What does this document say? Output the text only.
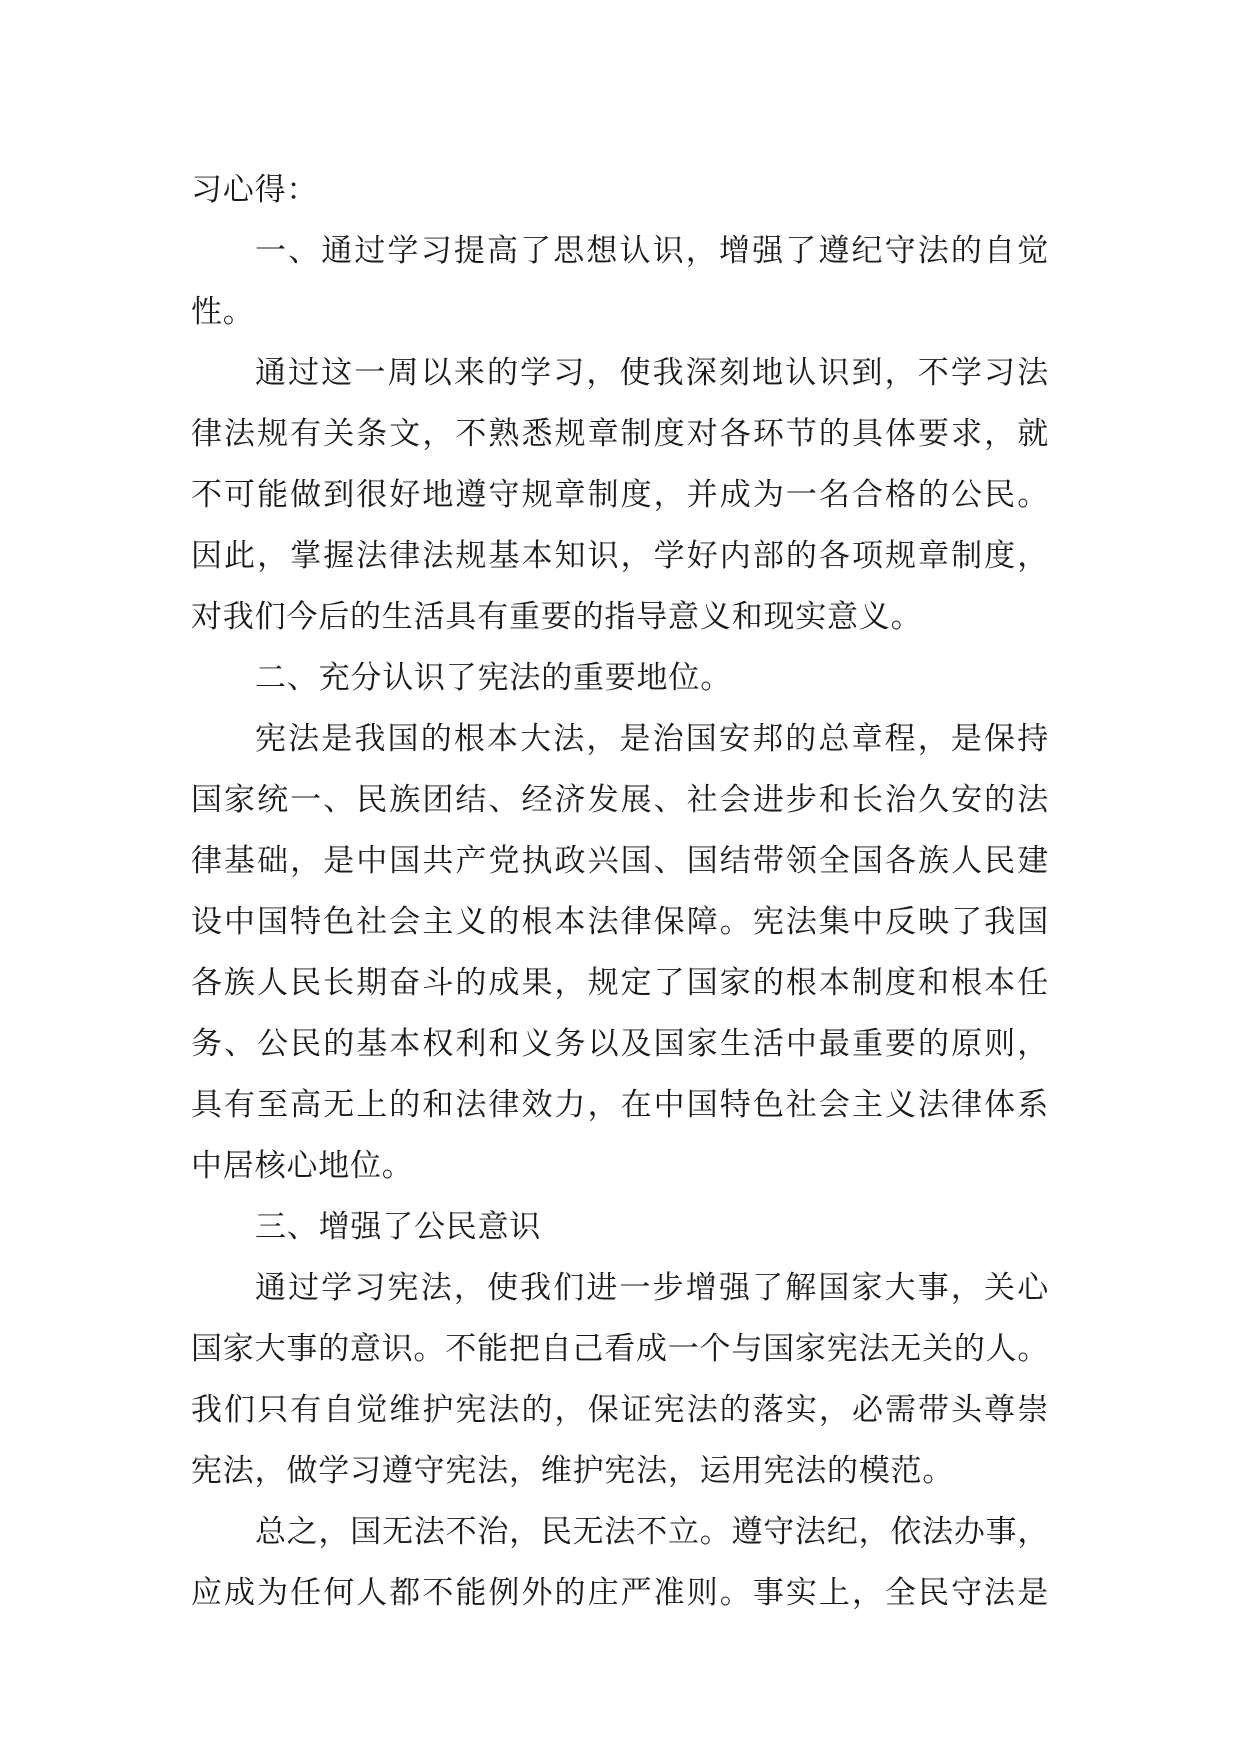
习心得：
一、通过学习提高了思想认识，增强了遵纪守法的自觉
性。
通过这一周以来的学习，使我深刻地认识到，不学习法
律法规有关条文，不熟悉规章制度对各环节的具体要求，就
不可能做到很好地遵守规章制度，并成为一名合格的公民。
因此，掌握法律法规基本知识，学好内部的各项规章制度，
对我们今后的生活具有重要的指导意义和现实意义。
二、充分认识了宪法的重要地位。
宪法是我国的根本大法，是治国安邦的总章程，是保持
国家统一、民族团结、经济发展、社会进步和长治久安的法
律基础，是中国共产党执政兴国、国结带领全国各族人民建
设中国特色社会主义的根本法律保障。宪法集中反映了我国
各族人民长期奋斗的成果，规定了国家的根本制度和根本任
务、公民的基本权利和义务以及国家生活中最重要的原则，
具有至高无上的和法律效力，在中国特色社会主义法律体系
中居核心地位。
三、增强了公民意识
通过学习宪法，使我们进一步增强了解国家大事，关心
国家大事的意识。不能把自己看成一个与国家宪法无关的人。
我们只有自觉维护宪法的，保证宪法的落实，必需带头尊崇
宪法，做学习遵守宪法，维护宪法，运用宪法的模范。
总之，国无法不治，民无法不立。遵守法纪，依法办事，
应成为任何人都不能例外的庄严准则。事实上，全民守法是
